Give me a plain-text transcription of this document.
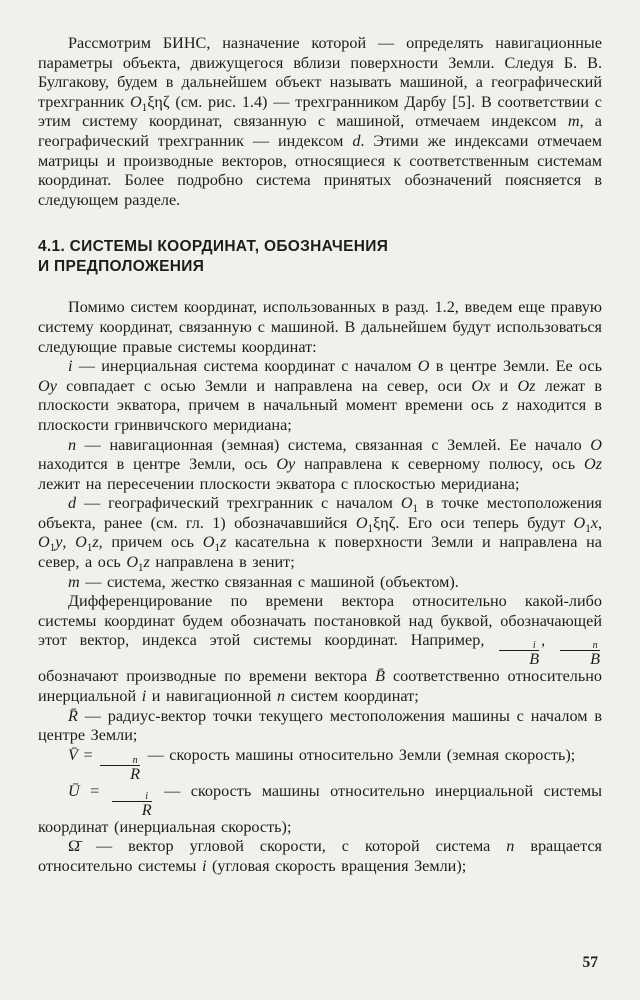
Рассмотрим БИНС, назначение которой — определять навигационные параметры объекта, движущегося вблизи поверхности Земли. Следуя Б. В. Булгакову, будем в дальнейшем объект называть машиной, а географический трехгранник $O_1\xi\eta\zeta$ (см. рис. 1.4) — трехгранником Дарбу [5]. В соответствии с этим систему координат, связанную с машиной, отмечаем индексом m, а географический трехгранник — индексом d. Этими же индексами отмечаем матрицы и производные векторов, относящиеся к соответственным системам координат. Более подробно система принятых обозначений поясняется в следующем разделе.

4.1. СИСТЕМЫ КООРДИНАТ, ОБОЗНАЧЕНИЯ
И ПРЕДПОЛОЖЕНИЯ

Помимо систем координат, использованных в разд. 1.2, введем еще правую систему координат, связанную с машиной. В дальнейшем будут использоваться следующие правые системы координат:

i — инерциальная система координат с началом O в центре Земли. Ее ось Oy совпадает с осью Земли и направлена на север, оси Ox и Oz лежат в плоскости экватора, причем в начальный момент времени ось z находится в плоскости гринвичского меридиана;

n — навигационная (земная) система, связанная с Землей. Ее начало O находится в центре Земли, ось Oy направлена к северному полюсу, ось Oz лежит на пересечении плоскости экватора с плоскостью меридиана;

d — географический трехгранник с началом $O_1$ в точке местоположения объекта, ранее (см. гл. 1) обозначавшийся $O_1\xi\eta\zeta$. Его оси теперь будут $O_1x$, $O_1y$, $O_1z$, причем ось $O_1z$ касательна к поверхности Земли и направлена на север, а ось $O_1z$ направлена в зенит;

m — система, жестко связанная с машиной (объектом).

Дифференцирование по времени вектора относительно какой-либо системы координат будем обозначать постановкой над буквой, обозначающей этот вектор, индекса этой системы координат. Например,	i
B
,	n
B
обозначают производные по времени вектора B̄ соответственно относительно инерциальной i и навигационной n систем координат;

R̄ — радиус-вектор точки текущего местоположения машины с началом в центре Земли;

V̄ =	n
R
— скорость машины относительно Земли (земная скорость);

Ū =	i
R
— скорость машины относительно инерциальной системы координат (инерциальная скорость);

Ω̄ — вектор угловой скорости, с которой система n вращается относительно системы i (угловая скорость вращения Земли);

57
